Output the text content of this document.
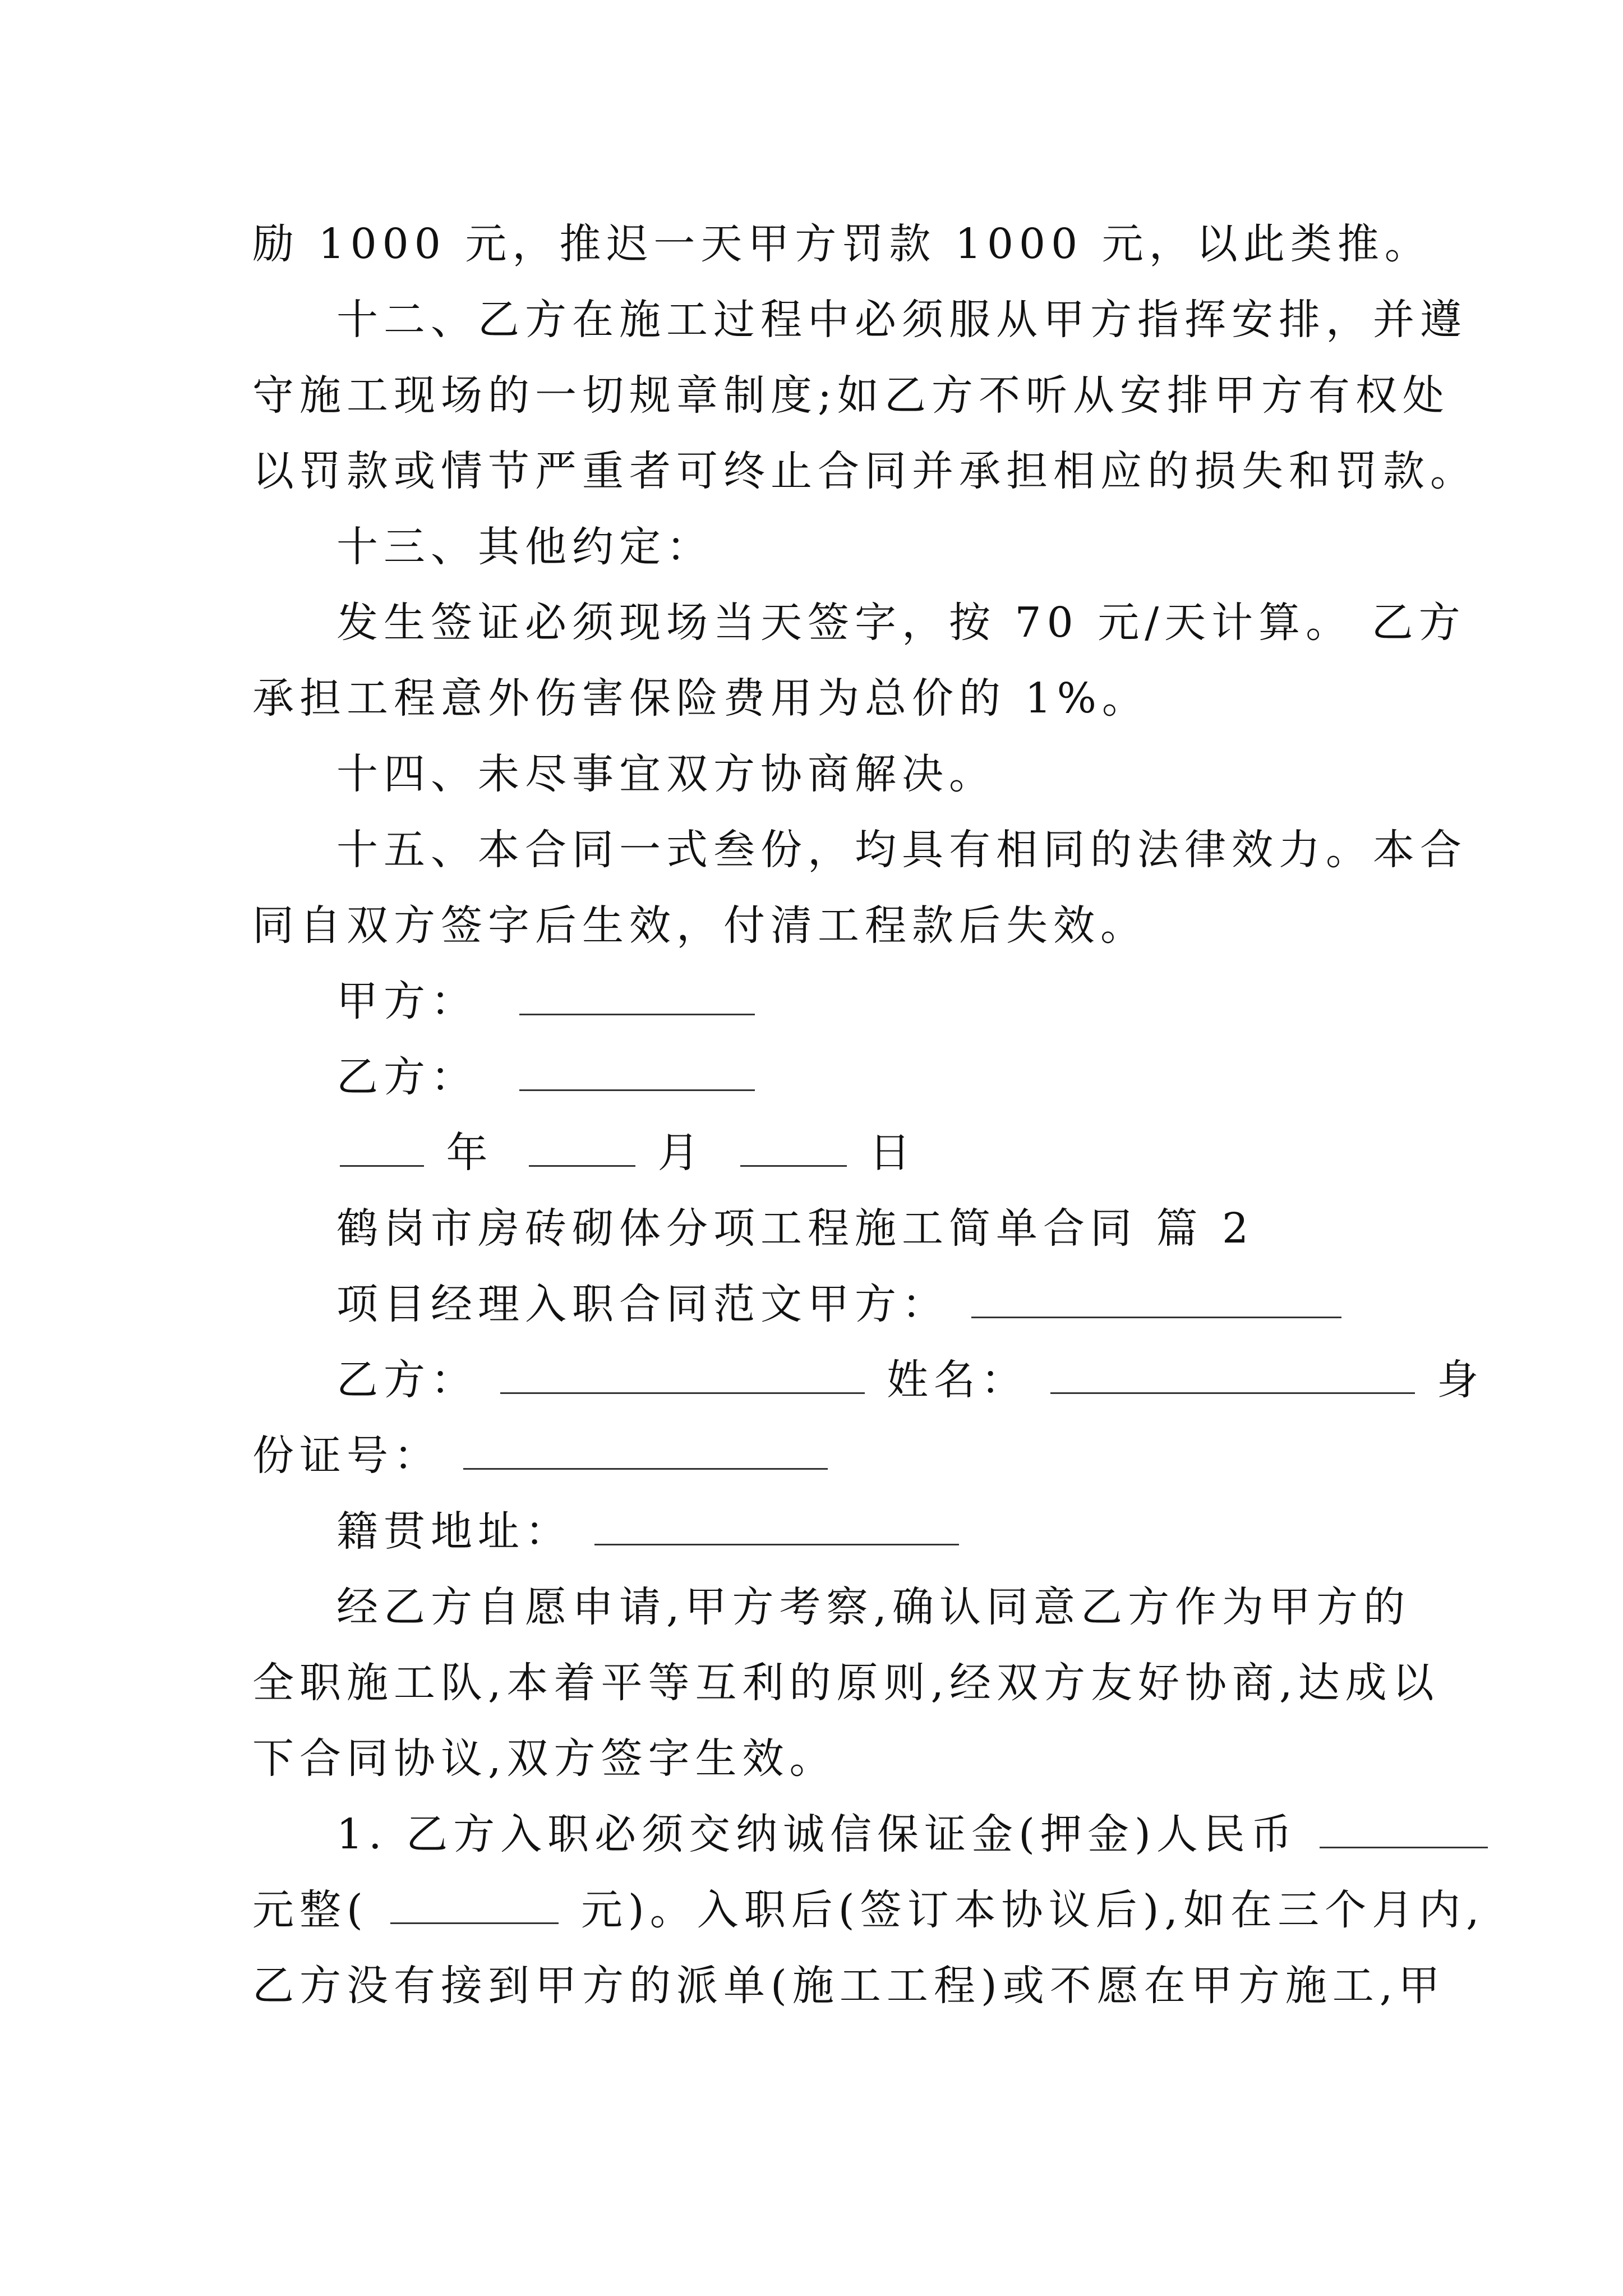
励 1000 元，推迟一天甲方罚款 1000 元，以此类推。
十二、乙方在施工过程中必须服从甲方指挥安排，并遵
守施工现场的一切规章制度;如乙方不听从安排甲方有权处
以罚款或情节严重者可终止合同并承担相应的损失和罚款。
十三、其他约定：
发生签证必须现场当天签字，按 70 元/天计算。 乙方
承担工程意外伤害保险费用为总价的 1%。
十四、未尽事宜双方协商解决。
十五、本合同一式叁份，均具有相同的法律效力。本合
同自双方签字后生效，付清工程款后失效。
甲方：
乙方：
年	月	日
鹤岗市房砖砌体分项工程施工简单合同 篇 2
项目经理入职合同范文甲方：
乙方：	姓名：	身
份证号：
籍贯地址：
经乙方自愿申请,甲方考察,确认同意乙方作为甲方的
全职施工队,本着平等互利的原则,经双方友好协商,达成以
下合同协议,双方签字生效。
1. 乙方入职必须交纳诚信保证金(押金)人民币
元整(	元)。入职后(签订本协议后),如在三个月内,
乙方没有接到甲方的派单(施工工程)或不愿在甲方施工,甲
